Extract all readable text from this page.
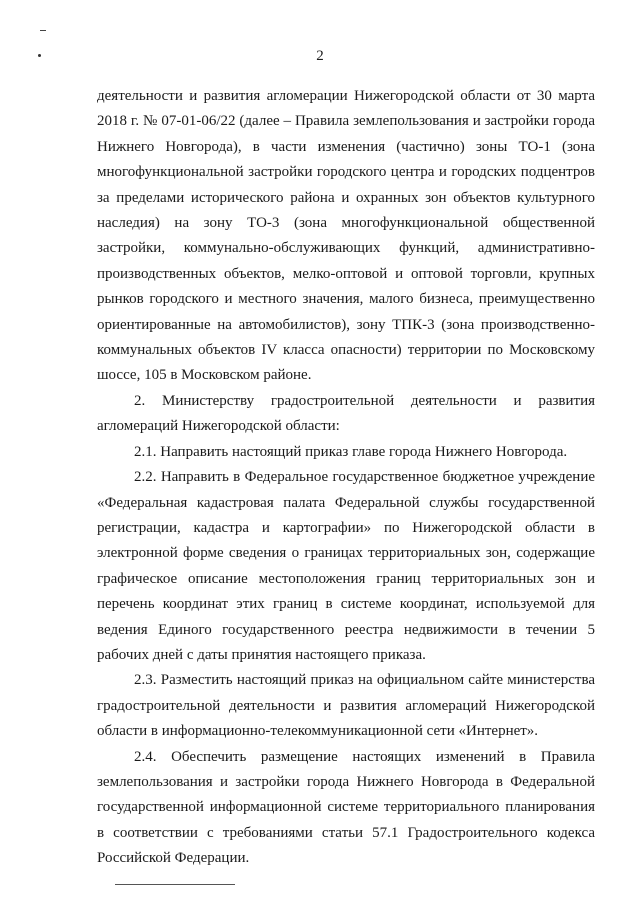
2

деятельности и развития агломерации Нижегородской области от 30 марта 2018 г. № 07-01-06/22 (далее – Правила землепользования и застройки города Нижнего Новгорода), в части изменения (частично) зоны ТО-1 (зона многофункциональной застройки городского центра и городских подцентров за пределами исторического района и охранных зон объектов культурного наследия) на зону ТО-3 (зона многофункциональной общественной застройки, коммунально-обслуживающих функций, административно-производственных объектов, мелко-оптовой и оптовой торговли, крупных рынков городского и местного значения, малого бизнеса, преимущественно ориентированные на автомобилистов), зону ТПК-3 (зона производственно-коммунальных объектов IV класса опасности) территории по Московскому шоссе, 105 в Московском районе.

2. Министерству градостроительной деятельности и развития агломераций Нижегородской области:

2.1. Направить настоящий приказ главе города Нижнего Новгорода.

2.2. Направить в Федеральное государственное бюджетное учреждение «Федеральная кадастровая палата Федеральной службы государственной регистрации, кадастра и картографии» по Нижегородской области в электронной форме сведения о границах территориальных зон, содержащие графическое описание местоположения границ территориальных зон и перечень координат этих границ в системе координат, используемой для ведения Единого государственного реестра недвижимости в течении 5 рабочих дней с даты принятия настоящего приказа.

2.3. Разместить настоящий приказ на официальном сайте министерства градостроительной деятельности и развития агломераций Нижегородской области в информационно-телекоммуникационной сети «Интернет».

2.4. Обеспечить размещение настоящих изменений в Правила землепользования и застройки города Нижнего Новгорода в Федеральной государственной информационной системе территориального планирования в соответствии с требованиями статьи 57.1 Градостроительного кодекса Российской Федерации.
